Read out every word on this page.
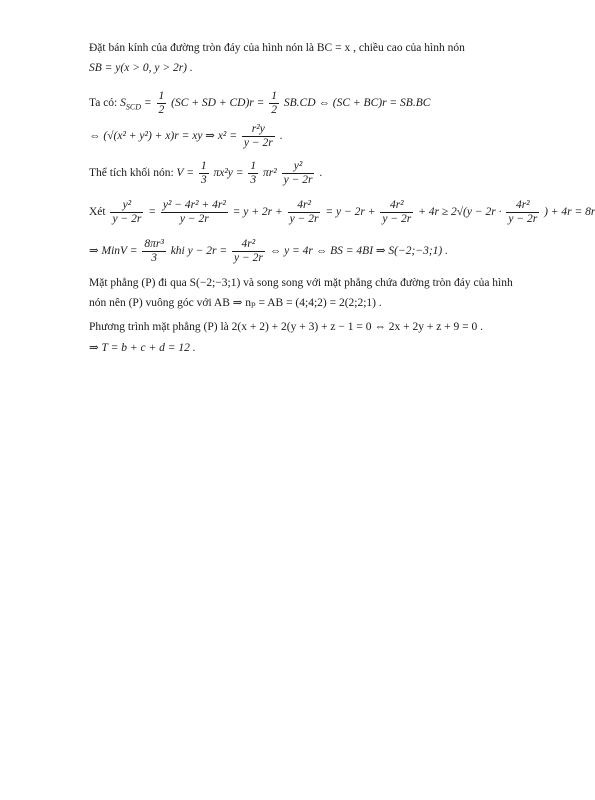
Đặt bán kính của đường tròn đáy của hình nón là BC = x , chiều cao của hình nón
SB = y(x > 0, y > 2r) .
Ta có: $S_{SCD} = \frac{1}{2} (SC$ + SD + $CD)r = \frac{1}{2} SB.CD$ ⇔ (SC + BC)r = SB.BC
⇔ (√(x² + y²) + x)r = xy ⇒ $x^2 = \frac{\text{r²y}}{y - 2r}$ .
Thể tích khối nón: $V = \frac{1}{3} \pi x^2y = \frac{1}{3} \pi r^2 \frac{\text{y²}}{y - 2r}$ .
Xét $\frac{\text{y²}}{y - 2r} = \frac{\text{y² − 4r² + 4r²}}{y - 2r} = y + 2r + \frac{\text{4r²}}{y - 2r} = y - 2r + \frac{\text{4r²}}{y - 2r} + 4r \ge 2√(y - 2r \cdot \frac{\text{4r²}}{y - 2r}$ ) + 4r = 8r
⇒ MinV = $\frac{\text{8πr³}}{3}$ khi $y - 2r = \frac{\text{4r²}}{y - 2r}$ ⇔ y = 4r ⇔ BS = 4BI ⇒ S(−2;−3;1) .
Mặt phẳng (P) đi qua S(−2;−3;1) và song song với mặt phẳng chứa đường tròn đáy của hình
nón nên (P) vuông góc với AB ⇒ nₚ = AB = (4;4;2) = 2(2;2;1) .
Phương trình mặt phẳng (P) là 2(x + 2) + 2(y + 3) + z − 1 = 0 ⇔ 2x + 2y + z + 9 = 0 .
⇒ T = b + c + d = 12 .
